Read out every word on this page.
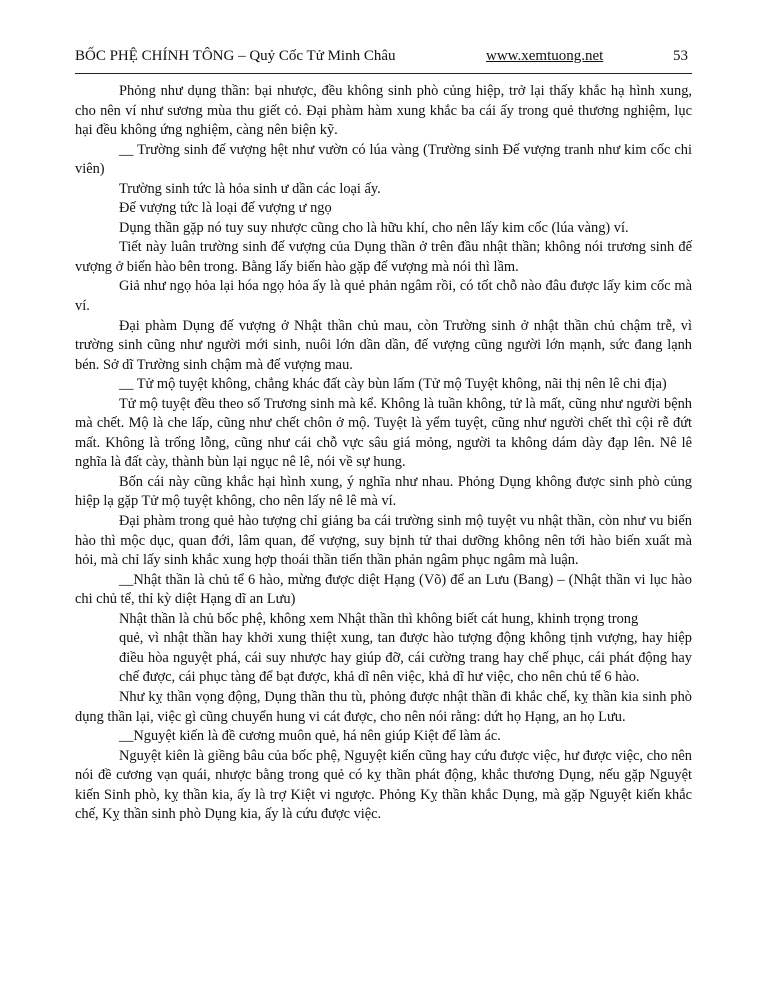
BỐC PHỆ CHÍNH TÔNG – Quỷ Cốc Tử Minh Châu	www.xemtuong.net	53

Phỏng như dụng thần: bại nhược, đều không sinh phò củng hiệp, trở lại thấy khắc hạ hình xung, cho nên ví như sương mùa thu giết cỏ. Đại phàm hàm xung khắc ba cái ấy trong quẻ thương nghiệm, lục hại đều không ứng nghiệm, càng nên biện kỹ.

__ Trường sinh đế vượng hệt như vườn có lúa vàng (Trường sinh Đế vượng tranh như kim cốc chi viên)

Trường sinh tức là hỏa sinh ư dần các loại ấy.

Đế vượng tức là loại đế vượng ư ngọ

Dụng thần gặp nó tuy suy nhược cũng cho là hữu khí, cho nên lấy kim cốc (lúa vàng) ví.

Tiết này luân trường sinh đế vượng của Dụng thần ở trên đầu nhật thần; không nói trương sinh đế vượng ở biến hào bên trong. Bằng lấy biến hào gặp đế vượng mà nói thì lầm.

Giả như ngọ hỏa lại hóa ngọ hỏa ấy là quẻ phản ngâm rồi, có tốt chỗ nào đâu được lấy kim cốc mà ví.

Đại phàm Dụng đế vượng ở Nhật thần chủ mau, còn Trường sinh ở nhật thần chủ chậm trễ, vì trường sinh cũng như người mới sinh, nuôi lớn dần dần, đế vượng cũng người lớn mạnh, sức đang lạnh bén. Sở dĩ Trường sinh chậm mà đế vượng mau.

__ Tử mộ tuyệt không, chẳng khác đất cày bùn lấm (Tử mộ Tuyệt không, nãi thị nên lê chi địa)

Tử mộ tuyệt đều theo số Trương sinh mà kể. Không là tuần không, tử là mất, cũng như người bệnh mà chết. Mộ là che lấp, cũng như chết chôn ở mộ. Tuyệt là yểm tuyệt, cũng như người chết thì cội rễ đứt mất. Không là trống lỗng, cũng như cái chỗ vực sâu giá mỏng, người ta không dám dày đạp lên. Nê lê nghĩa là đất cày, thành bùn lại ngục nê lê, nói về sự hung.

Bốn cái này cũng khắc hại hình xung, ý nghĩa như nhau. Phỏng Dụng không được sinh phò củng hiệp lạ gặp Tử mộ tuyệt không, cho nên lấy nê lê mà ví.

Đại phàm trong quẻ hào tượng chỉ giảng ba cái trường sinh mộ tuyệt vu nhật thần, còn như vu biến hào thì mộc dục, quan đới, lâm quan, đế vượng, suy bịnh tử thai dưỡng không nên tới hào biến xuất mà hỏi, mà chỉ lấy sinh khắc xung hợp thoái thần tiến thần phản ngâm phục ngâm mà luận.

__Nhật thần là chủ tể 6 hào, mừng được diệt Hạng (Võ) để an Lưu (Bang) – (Nhật thần vi lục hào chi chủ tể, thỉ kỳ diệt Hạng dĩ an Lưu)

Nhật thần là chủ bốc phệ, không xem Nhật thần thì không biết cát hung, khinh trọng trong

quẻ, vì nhật thần hay khởi xung thiệt xung, tan được hào tượng động không tịnh vượng, hay hiệp điều hòa nguyệt phá, cái suy nhược hay giúp đỡ, cái cường trang hay chế phục, cái phát động hay chế được, cái phục tàng để bạt được, khả dĩ nên việc, khả dĩ hư việc, cho nên chủ tể 6 hào.

Như kỵ thần vọng động, Dụng thần thu tù, phỏng được nhật thần đi khắc chế, kỵ thần kia sinh phò dụng thần lại, việc gì cũng chuyển hung vi cát được, cho nên nói rằng: dứt họ Hạng, an họ Lưu.

__Nguyệt kiến là đề cương muôn quẻ, há nên giúp Kiệt để làm ác.

Nguyệt kiên là giềng bâu của bốc phệ, Nguyệt kiến cũng hay cứu được việc, hư được việc, cho nên nói đề cương vạn quái, nhược bằng trong quẻ có kỵ thần phát động, khắc thương Dụng, nếu gặp Nguyệt kiến Sinh phò, kỵ thần kia, ấy là trợ Kiệt vi ngược. Phỏng Kỵ thần khắc Dụng, mà gặp Nguyệt kiến khắc chế, Kỵ thần sinh phò Dụng kia, ấy là cứu được việc.
